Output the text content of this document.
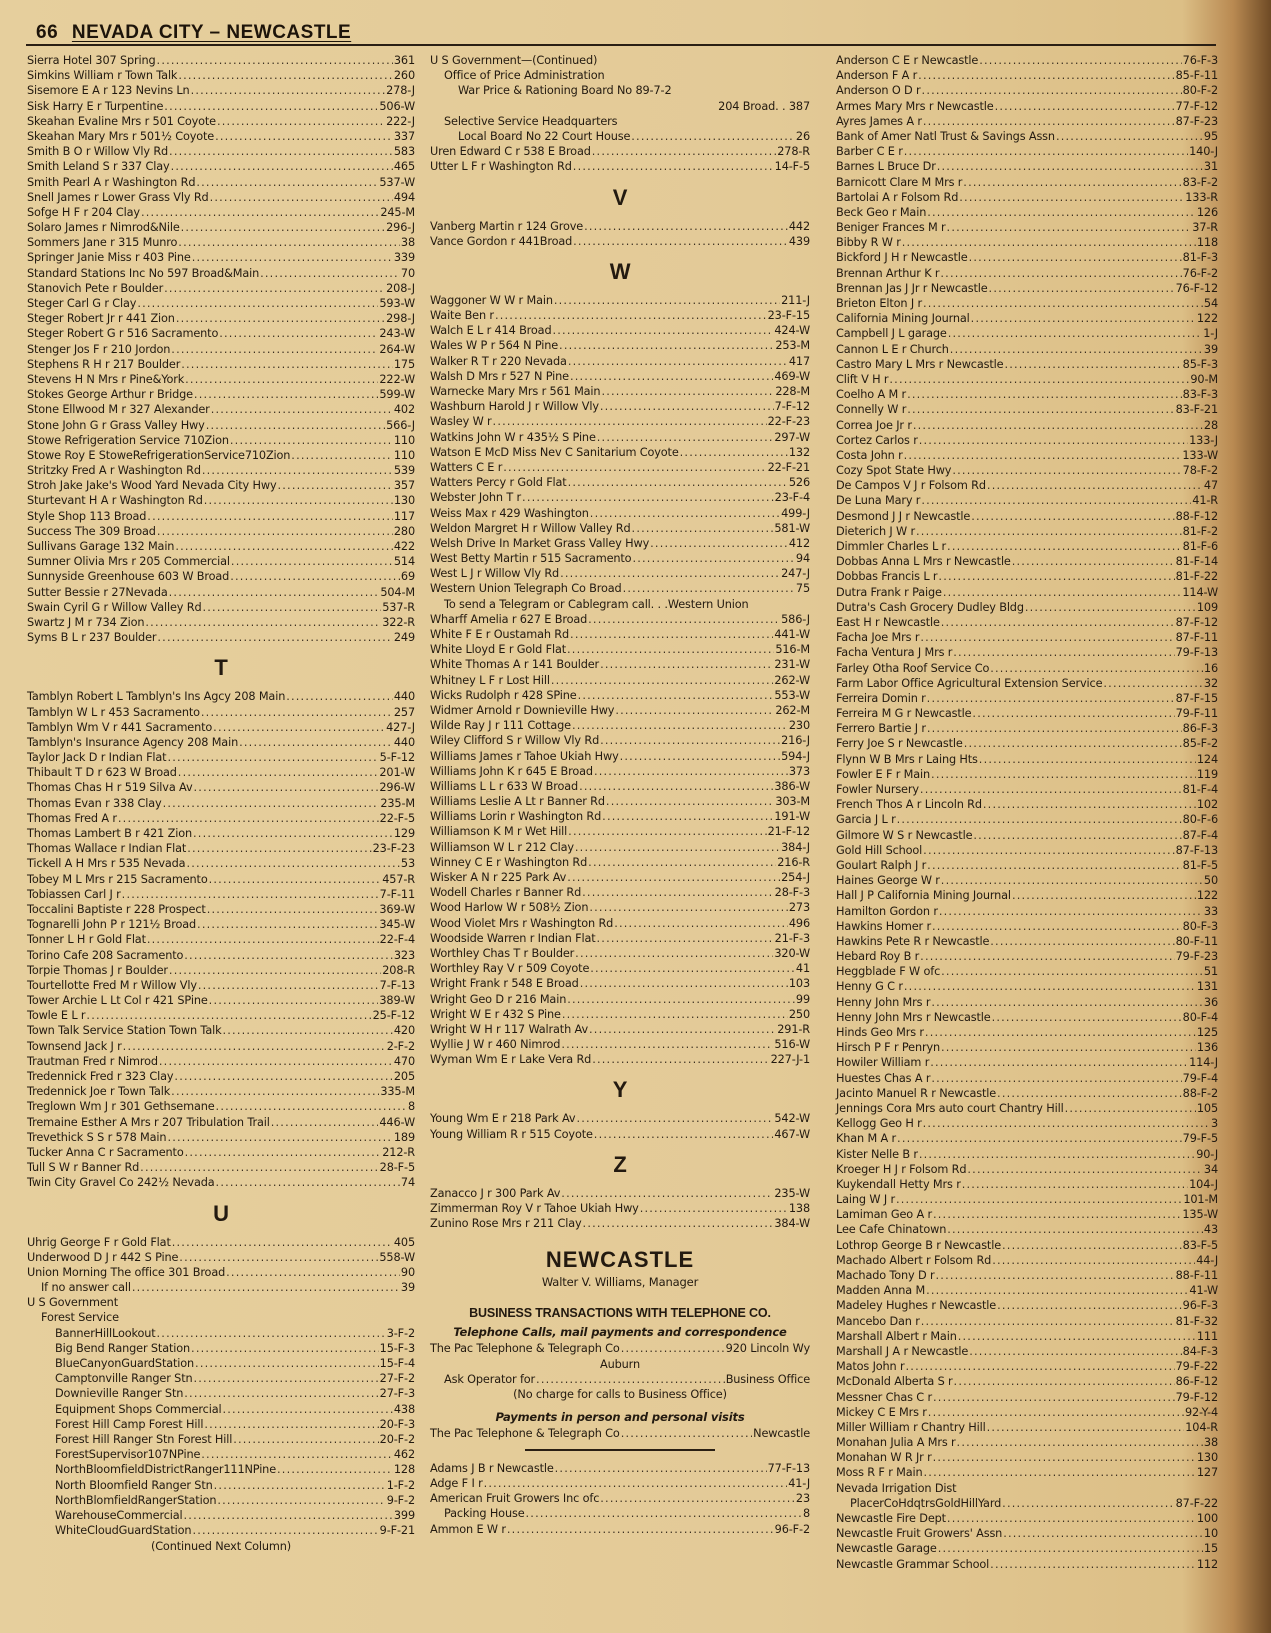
66 NEVADA CITY – NEWCASTLE
Sierra Hotel 307 Spring . . .	361
Simkins William r Town Talk . . .	260
Sisemore E A r 123 Nevins Ln . . .	278-J
Sisk Harry E r Turpentine . . .	506-W
Skeahan Evaline Mrs r 501 Coyote . . .	222-J
Skeahan Mary Mrs r 501½ Coyote . . .	337
Smith B O r Willow Vly Rd . . .	583
Smith Leland S r 337 Clay . . .	465
Smith Pearl A r Washington Rd . . .	537-W
Snell James r Lower Grass Vly Rd . . .	494
Sofge H F r 204 Clay . . .	245-M
Solaro James r Nimrod&Nile . . .	296-J
Sommers Jane r 315 Munro . . .	38
Springer Janie Miss r 403 Pine . . .	339
Standard Stations Inc No 597 Broad&Main . . .	70
Stanovich Pete r Boulder . . .	208-J
Steger Carl G r Clay . . .	593-W
Steger Robert Jr r 441 Zion . . .	298-J
Steger Robert G r 516 Sacramento . . .	243-W
Stenger Jos F r 210 Jordon . . .	264-W
Stephens R H r 217 Boulder . . .	175
Stevens H N Mrs r Pine&York . . .	222-W
Stokes George Arthur r Bridge . . .	599-W
Stone Ellwood M r 327 Alexander . . .	402
Stone John G r Grass Valley Hwy . . .	566-J
Stowe Refrigeration Service 710Zion . . .	110
Stowe Roy E StoweRefrigerationService710Zion . . .	110
Stritzky Fred A r Washington Rd . . .	539
Stroh Jake Jake's Wood Yard Nevada City Hwy . . .	357
Sturtevant H A r Washington Rd . . .	130
Style Shop 113 Broad . . .	117
Success The 309 Broad . . .	280
Sullivans Garage 132 Main . . .	422
Sumner Olivia Mrs r 205 Commercial . . .	514
Sunnyside Greenhouse 603 W Broad . . .	69
Sutter Bessie r 27Nevada . . .	504-M
Swain Cyril G r Willow Valley Rd . . .	537-R
Swartz J M r 734 Zion . . .	322-R
Syms B L r 237 Boulder . . .	249
T
Tamblyn Robert L Tamblyn's Ins Agcy 208 Main . . .	440
Tamblyn W L r 453 Sacramento . . .	257
Tamblyn Wm V r 441 Sacramento . . .	427-J
Tamblyn's Insurance Agency 208 Main . . .	440
Taylor Jack D r Indian Flat . . .	5-F-12
Thibault T D r 623 W Broad . . .	201-W
Thomas Chas H r 519 Silva Av . . .	296-W
Thomas Evan r 338 Clay . . .	235-M
Thomas Fred A r . . .	22-F-5
Thomas Lambert B r 421 Zion . . .	129
Thomas Wallace r Indian Flat . . .	23-F-23
Tickell A H Mrs r 535 Nevada . . .	53
Tobey M L Mrs r 215 Sacramento . . .	457-R
Tobiassen Carl J r . . .	7-F-11
Toccalini Baptiste r 228 Prospect . . .	369-W
Tognarelli John P r 121½ Broad . . .	345-W
Tonner L H r Gold Flat . . .	22-F-4
Torino Cafe 208 Sacramento . . .	323
Torpie Thomas J r Boulder . . .	208-R
Tourtellotte Fred M r Willow Vly . . .	7-F-13
Tower Archie L Lt Col r 421 SPine . . .	389-W
Towle E L r . . .	25-F-12
Town Talk Service Station Town Talk . . .	420
Townsend Jack J r . . .	2-F-2
Trautman Fred r Nimrod . . .	470
Tredennick Fred r 323 Clay . . .	205
Tredennick Joe r Town Talk . . .	335-M
Treglown Wm J r 301 Gethsemane . . .	8
Tremaine Esther A Mrs r 207 Tribulation Trail . . .	446-W
Trevethick S S r 578 Main . . .	189
Tucker Anna C r Sacramento . . .	212-R
Tull S W r Banner Rd . . .	28-F-5
Twin City Gravel Co 242½ Nevada . . .	74
U
Uhrig George F r Gold Flat . . .	405
Underwood D J r 442 S Pine . . .	558-W
Union Morning The office 301 Broad . . .	90
If no answer call . . .	39
U S Government
Forest Service
BannerHillLookout . . .	3-F-2
Big Bend Ranger Station . . .	15-F-3
BlueCanyonGuardStation . . .	15-F-4
Camptonville Ranger Stn . . .	27-F-2
Downieville Ranger Stn . . .	27-F-3
Equipment Shops Commercial . . .	438
Forest Hill Camp Forest Hill . . .	20-F-3
Forest Hill Ranger Stn Forest Hill . . .	20-F-2
ForestSupervisor107NPine . . .	462
NorthBloomfieldDistrictRanger111NPine . . .	128
North Bloomfield Ranger Stn . . .	1-F-2
NorthBlomfieldRangerStation . . .	9-F-2
WarehouseCommercial . . .	399
WhiteCloudGuardStation . . .	9-F-21
(Continued Next Column)
U S Government—(Continued)
Office of Price Administration
War Price & Rationing Board No 89-7-2
204 Broad. . 387
Selective Service Headquarters
Local Board No 22 Court House . . .	26
Uren Edward C r 538 E Broad . . .	278-R
Utter L F r Washington Rd . . .	14-F-5
V
Vanberg Martin r 124 Grove . . .	442
Vance Gordon r 441Broad . . .	439
W
Waggoner W W r Main . . .	211-J
Waite Ben r . . .	23-F-15
Walch E L r 414 Broad . . .	424-W
Wales W P r 564 N Pine . . .	253-M
Walker R T r 220 Nevada . . .	417
Walsh D Mrs r 527 N Pine . . .	469-W
Warnecke Mary Mrs r 561 Main . . .	228-M
Washburn Harold J r Willow Vly . . .	7-F-12
Wasley W r . . .	22-F-23
Watkins John W r 435½ S Pine . . .	297-W
Watson E McD Miss Nev C Sanitarium Coyote . . .	132
Watters C E r . . .	22-F-21
Watters Percy r Gold Flat . . .	526
Webster John T r . . .	23-F-4
Weiss Max r 429 Washington . . .	499-J
Weldon Margret H r Willow Valley Rd . . .	581-W
Welsh Drive In Market Grass Valley Hwy . . .	412
West Betty Martin r 515 Sacramento . . .	94
West L J r Willow Vly Rd . . .	247-J
Western Union Telegraph Co Broad . . .	75
To send a Telegram or Cablegram call. . .Western Union
Wharff Amelia r 627 E Broad . . .	586-J
White F E r Oustamah Rd . . .	441-W
White Lloyd E r Gold Flat . . .	516-M
White Thomas A r 141 Boulder . . .	231-W
Whitney L F r Lost Hill . . .	262-W
Wicks Rudolph r 428 SPine . . .	553-W
Widmer Arnold r Downieville Hwy . . .	262-M
Wilde Ray J r 111 Cottage . . .	230
Wiley Clifford S r Willow Vly Rd . . .	216-J
Williams James r Tahoe Ukiah Hwy . . .	594-J
Williams John K r 645 E Broad . . .	373
Williams L L r 633 W Broad . . .	386-W
Williams Leslie A Lt r Banner Rd . . .	303-M
Williams Lorin r Washington Rd . . .	191-W
Williamson K M r Wet Hill . . .	21-F-12
Williamson W L r 212 Clay . . .	384-J
Winney C E r Washington Rd . . .	216-R
Wisker A N r 225 Park Av . . .	254-J
Wodell Charles r Banner Rd . . .	28-F-3
Wood Harlow W r 508½ Zion . . .	273
Wood Violet Mrs r Washington Rd . . .	496
Woodside Warren r Indian Flat . . .	21-F-3
Worthley Chas T r Boulder . . .	320-W
Worthley Ray V r 509 Coyote . . .	41
Wright Frank r 548 E Broad . . .	103
Wright Geo D r 216 Main . . .	99
Wright W E r 432 S Pine . . .	250
Wright W H r 117 Walrath Av . . .	291-R
Wyllie J W r 460 Nimrod . . .	516-W
Wyman Wm E r Lake Vera Rd . . .	227-J-1
Y
Young Wm E r 218 Park Av . . .	542-W
Young William R r 515 Coyote . . .	467-W
Z
Zanacco J r 300 Park Av . . .	235-W
Zimmerman Roy V r Tahoe Ukiah Hwy . . .	138
Zunino Rose Mrs r 211 Clay . . .	384-W
NEWCASTLE
Walter V. Williams, Manager
BUSINESS TRANSACTIONS WITH TELEPHONE CO.
Telephone Calls, mail payments and correspondence
The Pac Telephone & Telegraph Co . . .	920 Lincoln Wy
Auburn
Ask Operator for . . .	Business Office
(No charge for calls to Business Office)
Payments in person and personal visits
The Pac Telephone & Telegraph Co . . .	Newcastle
Adams J B r Newcastle . . .	77-F-13
Adge F I r . . .	41-J
American Fruit Growers Inc ofc . . .	23
Packing House . . .	8
Ammon E W r . . .	96-F-2
Anderson C E r Newcastle . . .	76-F-3
Anderson F A r . . .	85-F-11
Anderson O D r . . .	80-F-2
Armes Mary Mrs r Newcastle . . .	77-F-12
Ayres James A r . . .	87-F-23
Bank of Amer Natl Trust & Savings Assn . . .	95
Barber C E r . . .	140-J
Barnes L Bruce Dr . . .	31
Barnicott Clare M Mrs r . . .	83-F-2
Bartolai A r Folsom Rd . . .	133-R
Beck Geo r Main . . .	126
Beniger Frances M r . . .	37-R
Bibby R W r . . .	118
Bickford J H r Newcastle . . .	81-F-3
Brennan Arthur K r . . .	76-F-2
Brennan Jas J Jr r Newcastle . . .	76-F-12
Brieton Elton J r . . .	54
California Mining Journal . . .	122
Campbell J L garage . . .	1-J
Cannon L E r Church . . .	39
Castro Mary L Mrs r Newcastle . . .	85-F-3
Clift V H r . . .	90-M
Coelho A M r . . .	83-F-3
Connelly W r . . .	83-F-21
Correa Joe Jr r . . .	28
Cortez Carlos r . . .	133-J
Costa John r . . .	133-W
Cozy Spot State Hwy . . .	78-F-2
De Campos V J r Folsom Rd . . .	47
De Luna Mary r . . .	41-R
Desmond J J r Newcastle . . .	88-F-12
Dieterich J W r . . .	81-F-2
Dimmler Charles L r . . .	81-F-6
Dobbas Anna L Mrs r Newcastle . . .	81-F-14
Dobbas Francis L r . . .	81-F-22
Dutra Frank r Paige . . .	114-W
Dutra's Cash Grocery Dudley Bldg . . .	109
East H r Newcastle . . .	87-F-12
Facha Joe Mrs r . . .	87-F-11
Facha Ventura J Mrs r . . .	79-F-13
Farley Otha Roof Service Co . . .	16
Farm Labor Office Agricultural Extension Service . . .	32
Ferreira Domin r . . .	87-F-15
Ferreira M G r Newcastle . . .	79-F-11
Ferrero Bartie J r . . .	86-F-3
Ferry Joe S r Newcastle . . .	85-F-2
Flynn W B Mrs r Laing Hts . . .	124
Fowler E F r Main . . .	119
Fowler Nursery . . .	81-F-4
French Thos A r Lincoln Rd . . .	102
Garcia J L r . . .	80-F-6
Gilmore W S r Newcastle . . .	87-F-4
Gold Hill School . . .	87-F-13
Goulart Ralph J r . . .	81-F-5
Haines George W r . . .	50
Hall J P California Mining Journal . . .	122
Hamilton Gordon r . . .	33
Hawkins Homer r . . .	80-F-3
Hawkins Pete R r Newcastle . . .	80-F-11
Hebard Roy B r . . .	79-F-23
Heggblade F W ofc . . .	51
Henny G C r . . .	131
Henny John Mrs r . . .	36
Henny John Mrs r Newcastle . . .	80-F-4
Hinds Geo Mrs r . . .	125
Hirsch P F r Penryn . . .	136
Howiler William r . . .	114-J
Huestes Chas A r . . .	79-F-4
Jacinto Manuel R r Newcastle . . .	88-F-2
Jennings Cora Mrs auto court Chantry Hill . . .	105
Kellogg Geo H r . . .	3
Khan M A r . . .	79-F-5
Kister Nelle B r . . .	90-J
Kroeger H J r Folsom Rd . . .	34
Kuykendall Hetty Mrs r . . .	104-J
Laing W J r . . .	101-M
Lamiman Geo A r . . .	135-W
Lee Cafe Chinatown . . .	43
Lothrop George B r Newcastle . . .	83-F-5
Machado Albert r Folsom Rd . . .	44-J
Machado Tony D r . . .	88-F-11
Madden Anna M . . .	41-W
Madeley Hughes r Newcastle . . .	96-F-3
Mancebo Dan r . . .	81-F-32
Marshall Albert r Main . . .	111
Marshall J A r Newcastle . . .	84-F-3
Matos John r . . .	79-F-22
McDonald Alberta S r . . .	86-F-12
Messner Chas C r . . .	79-F-12
Mickey C E Mrs r . . .	92-Y-4
Miller William r Chantry Hill . . .	104-R
Monahan Julia A Mrs r . . .	38
Monahan W R Jr r . . .	130
Moss R F r Main . . .	127
Nevada Irrigation Dist
PlacerCoHdqtrsGoldHillYard . . .	87-F-22
Newcastle Fire Dept . . .	100
Newcastle Fruit Growers' Assn . . .	10
Newcastle Garage . . .	15
Newcastle Grammar School . . .	112
